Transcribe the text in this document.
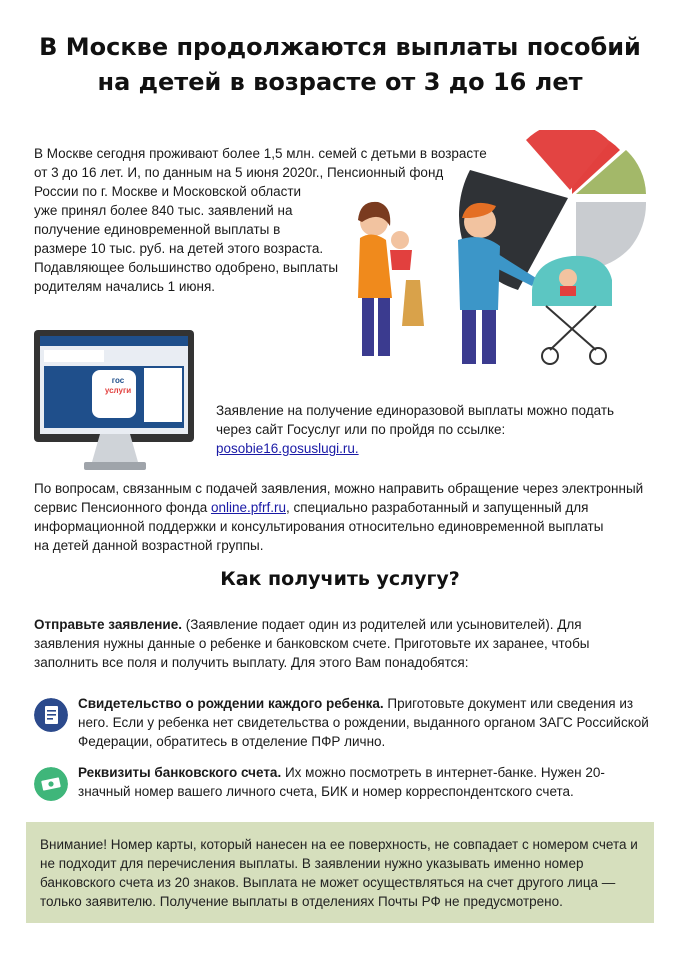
В Москве продолжаются выплаты пособий
на детей в возрасте от 3 до 16 лет
В Москве сегодня проживают более 1,5 млн. семей с детьми в возрасте
от 3 до 16 лет. И, по данным на 5 июня 2020г., Пенсионный фонд
России по г. Москве и Московской области
уже принял более 840 тыс. заявлений на
получение единовременной выплаты в
размере 10 тыс. руб. на детей этого возраста.
Подавляющее большинство одобрено, выплаты
родителям начались 1 июня.
гос
услуги
Заявление на получение единоразовой выплаты можно подать
через сайт Госуслуг или по пройдя по ссылке:
posobie16.gosuslugi.ru.
По вопросам, связанным с подачей заявления, можно направить обращение через электронный
сервис Пенсионного фонда online.pfrf.ru, специально разработанный и запущенный для
информационной поддержки и консультирования относительно единовременной выплаты
на детей данной возрастной группы.
Как получить услугу?
Отправьте заявление. (Заявление подает один из родителей или усыновителей). Для
заявления нужны данные о ребенке и банковском счете. Приготовьте их заранее, чтобы
заполнить все поля и получить выплату. Для этого Вам понадобятся:
Свидетельство о рождении каждого ребенка. Приготовьте документ или сведения из
него. Если у ребенка нет свидетельства о рождении, выданного органом ЗАГС Российской
Федерации, обратитесь в отделение ПФР лично.
Реквизиты банковского счета. Их можно посмотреть в интернет-банке. Нужен 20-
значный номер вашего личного счета, БИК и номер корреспондентского счета.
Внимание! Номер карты, который нанесен на ее поверхность, не совпадает с номером счета и
не подходит для перечисления выплаты. В заявлении нужно указывать именно номер
банковского счета из 20 знаков. Выплата не может осуществляться на счет другого лица —
только заявителю. Получение выплаты в отделениях Почты РФ не предусмотрено.
